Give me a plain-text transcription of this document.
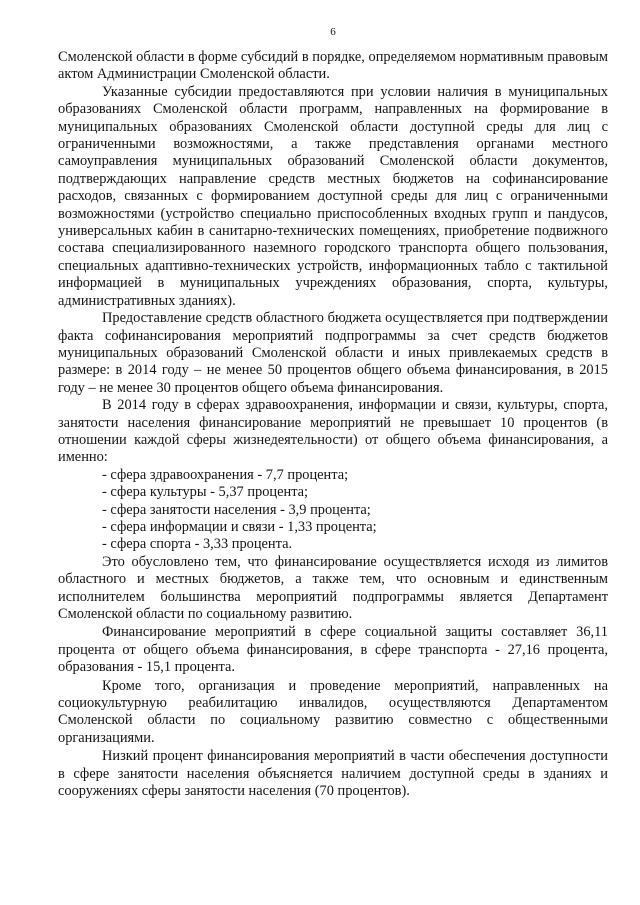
6

Смоленской области в форме субсидий в порядке, определяемом нормативным правовым актом Администрации Смоленской области.

Указанные субсидии предоставляются при условии наличия в муниципальных образованиях Смоленской области программ, направленных на формирование в муниципальных образованиях Смоленской области доступной среды для лиц с ограниченными возможностями, а также представления органами местного самоуправления муниципальных образований Смоленской области документов, подтверждающих направление средств местных бюджетов на софинансирование расходов, связанных с формированием доступной среды для лиц с ограниченными возможностями (устройство специально приспособленных входных групп и пандусов, универсальных кабин в санитарно-технических помещениях, приобретение подвижного состава специализированного наземного городского транспорта общего пользования, специальных адаптивно-технических устройств, информационных табло с тактильной информацией в муниципальных учреждениях образования, спорта, культуры, административных зданиях).

Предоставление средств областного бюджета осуществляется при подтверждении факта софинансирования мероприятий подпрограммы за счет средств бюджетов муниципальных образований Смоленской области и иных привлекаемых средств в размере: в 2014 году – не менее 50 процентов общего объема финансирования, в 2015 году – не менее 30 процентов общего объема финансирования.

В 2014 году в сферах здравоохранения, информации и связи, культуры, спорта, занятости населения финансирование мероприятий не превышает 10 процентов (в отношении каждой сферы жизнедеятельности) от общего объема финансирования, а именно:

- сфера здравоохранения - 7,7 процента;
- сфера культуры - 5,37 процента;
- сфера занятости населения - 3,9 процента;
- сфера информации и связи - 1,33 процента;
- сфера спорта - 3,33 процента.

Это обусловлено тем, что финансирование осуществляется исходя из лимитов областного и местных бюджетов, а также тем, что основным и единственным исполнителем большинства мероприятий подпрограммы является Департамент Смоленской области по социальному развитию.

Финансирование мероприятий в сфере социальной защиты составляет 36,11 процента от общего объема финансирования, в сфере транспорта - 27,16 процента, образования - 15,1 процента.

Кроме того, организация и проведение мероприятий, направленных на социокультурную реабилитацию инвалидов, осуществляются Департаментом Смоленской области по социальному развитию совместно с общественными организациями.

Низкий процент финансирования мероприятий в части обеспечения доступности в сфере занятости населения объясняется наличием доступной среды в зданиях и сооружениях сферы занятости населения (70 процентов).
